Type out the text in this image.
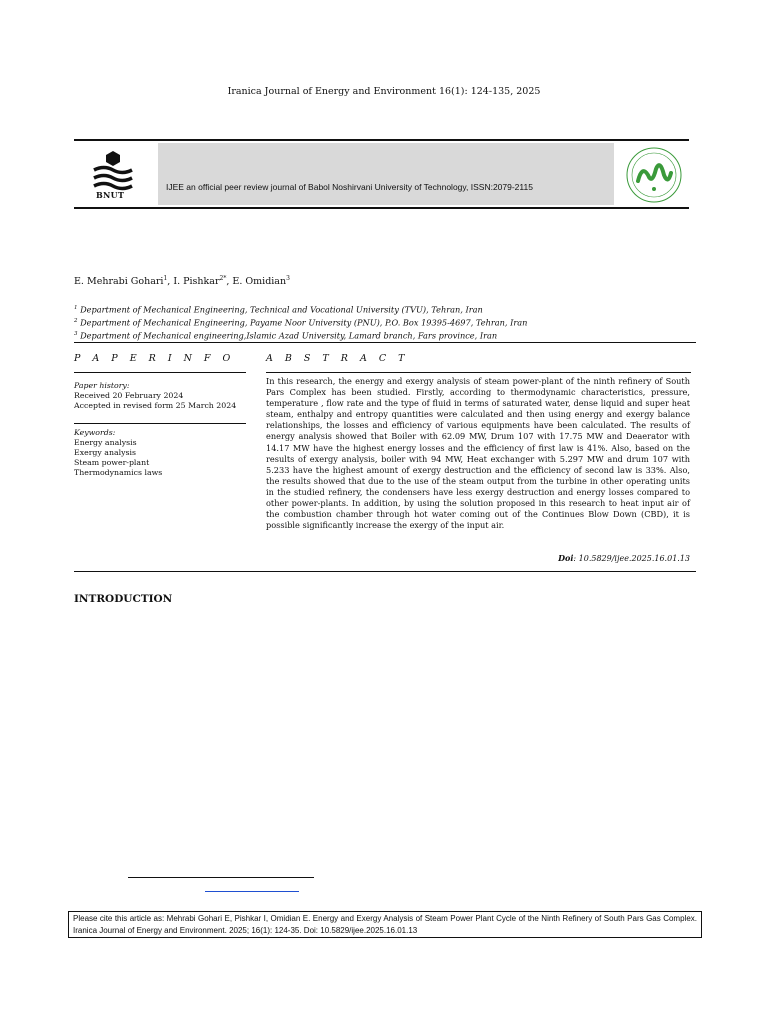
Iranica Journal of Energy and Environment 16(1): 124-135, 2025
BNUT
IJEE an official peer review journal of Babol Noshirvani University of Technology, ISSN:2079-2115
E. Mehrabi Gohari$^1$, I. Pishkar$^{2*}$, E. Omidian$^3$
$^1$ Department of Mechanical Engineering, Technical and Vocational University (TVU), Tehran, Iran
$^2$ Department of Mechanical Engineering, Payame Noor University (PNU), P.O. Box 19395-4697, Tehran, Iran
$^3$ Department of Mechanical engineering,Islamic Azad University, Lamard branch, Fars province, Iran
P A P E R I N F O
Paper history:
Received 20 February 2024
Accepted in revised form 25 March 2024
Keywords:
Energy analysis
Exergy analysis
Steam power-plant
Thermodynamics laws
A B S T R A C T
In this research, the energy and exergy analysis of steam power-plant of the ninth refinery of South Pars Complex has been studied. Firstly, according to thermodynamic characteristics, pressure, temperature , flow rate and the type of fluid in terms of saturated water, dense liquid and super heat steam, enthalpy and entropy quantities were calculated and then using energy and exergy balance relationships, the losses and efficiency of various equipments have been calculated. The results of energy analysis showed that Boiler with 62.09 MW, Drum 107 with 17.75 MW and Deaerator with 14.17 MW have the highest energy losses and the efficiency of first law is 41%. Also, based on the results of exergy analysis, boiler with 94 MW, Heat exchanger with 5.297 MW and drum 107 with 5.233 have the highest amount of exergy destruction and the efficiency of second law is 33%. Also, the results showed that due to the use of the steam output from the turbine in other operating units in the studied refinery, the condensers have less exergy destruction and energy losses compared to other power-plants. In addition, by using the solution proposed in this research to heat input air of the combustion chamber through hot water coming out of the Continues Blow Down (CBD), it is possible significantly increase the exergy of the input air.
Doi: 10.5829/ijee.2025.16.01.13
INTRODUCTION
Please cite this article as: Mehrabi Gohari E, Pishkar I, Omidian E. Energy and Exergy Analysis of Steam Power Plant Cycle of the Ninth Refinery of South Pars Gas Complex. Iranica Journal of Energy and Environment. 2025; 16(1): 124-35. Doi: 10.5829/ijee.2025.16.01.13
